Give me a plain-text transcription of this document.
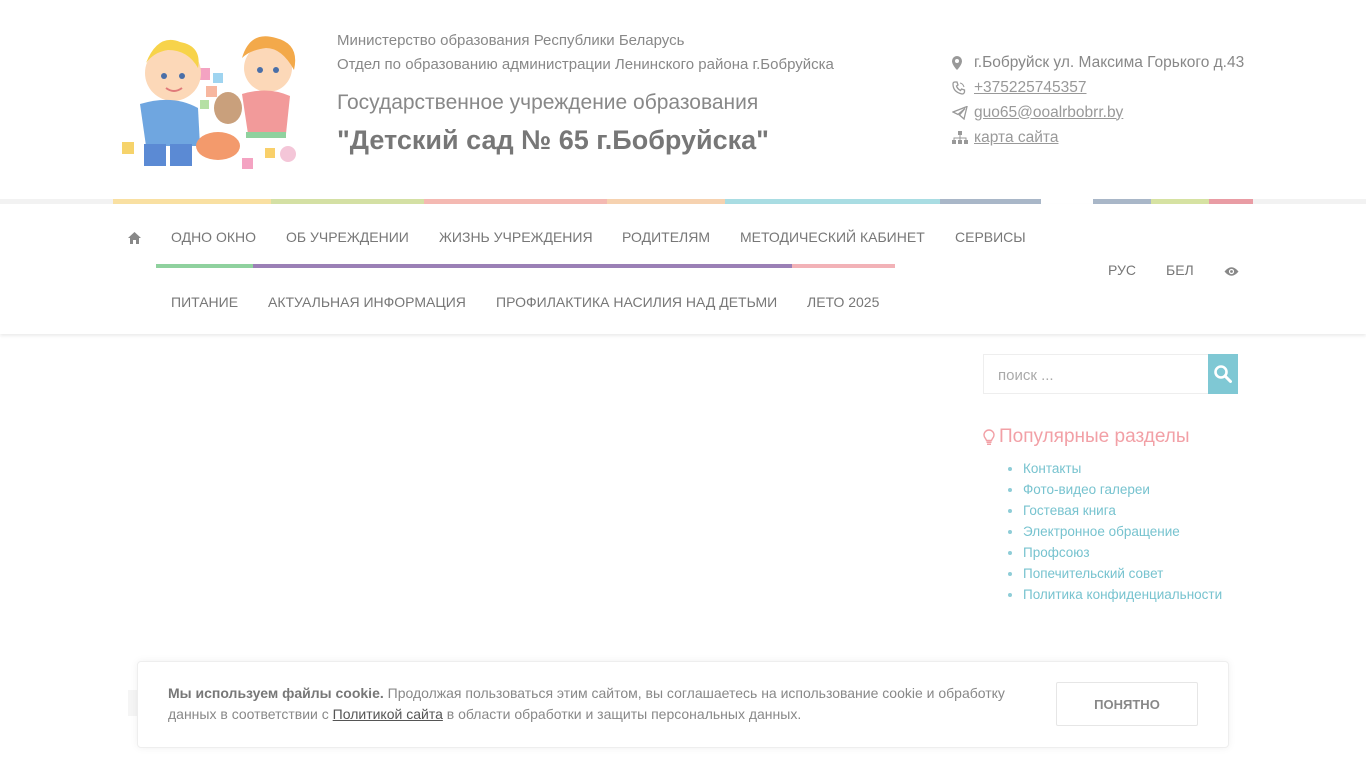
Министерство образования Республики Беларусь
Отдел по образованию администрации Ленинского района г.Бобруйска
Государственное учреждение образования
"Детский сад № 65 г.Бобруйска"
г.Бобруйск ул. Максима Горького д.43
+375225745357
guo65@ooalrbobrr.by
карта сайта
ОДНО ОКНО ОБ УЧРЕЖДЕНИИ ЖИЗНЬ УЧРЕЖДЕНИЯ РОДИТЕЛЯМ МЕТОДИЧЕСКИЙ КАБИНЕТ СЕРВИСЫ
ПИТАНИЕ АКТУАЛЬНАЯ ИНФОРМАЦИЯ ПРОФИЛАКТИКА НАСИЛИЯ НАД ДЕТЬМИ ЛЕТО 2025
РУС БЕЛ
поиск ...
Популярные разделы
• Контакты
• Фото-видео галереи
• Гостевая книга
• Электронное обращение
• Профсоюз
• Попечительский совет
• Политика конфиденциальности
Мы используем файлы cookie. Продолжая пользоваться этим сайтом, вы соглашаетесь на использование cookie и обработку данных в соответствии с Политикой сайта в области обработки и защиты персональных данных.
ПОНЯТНО
